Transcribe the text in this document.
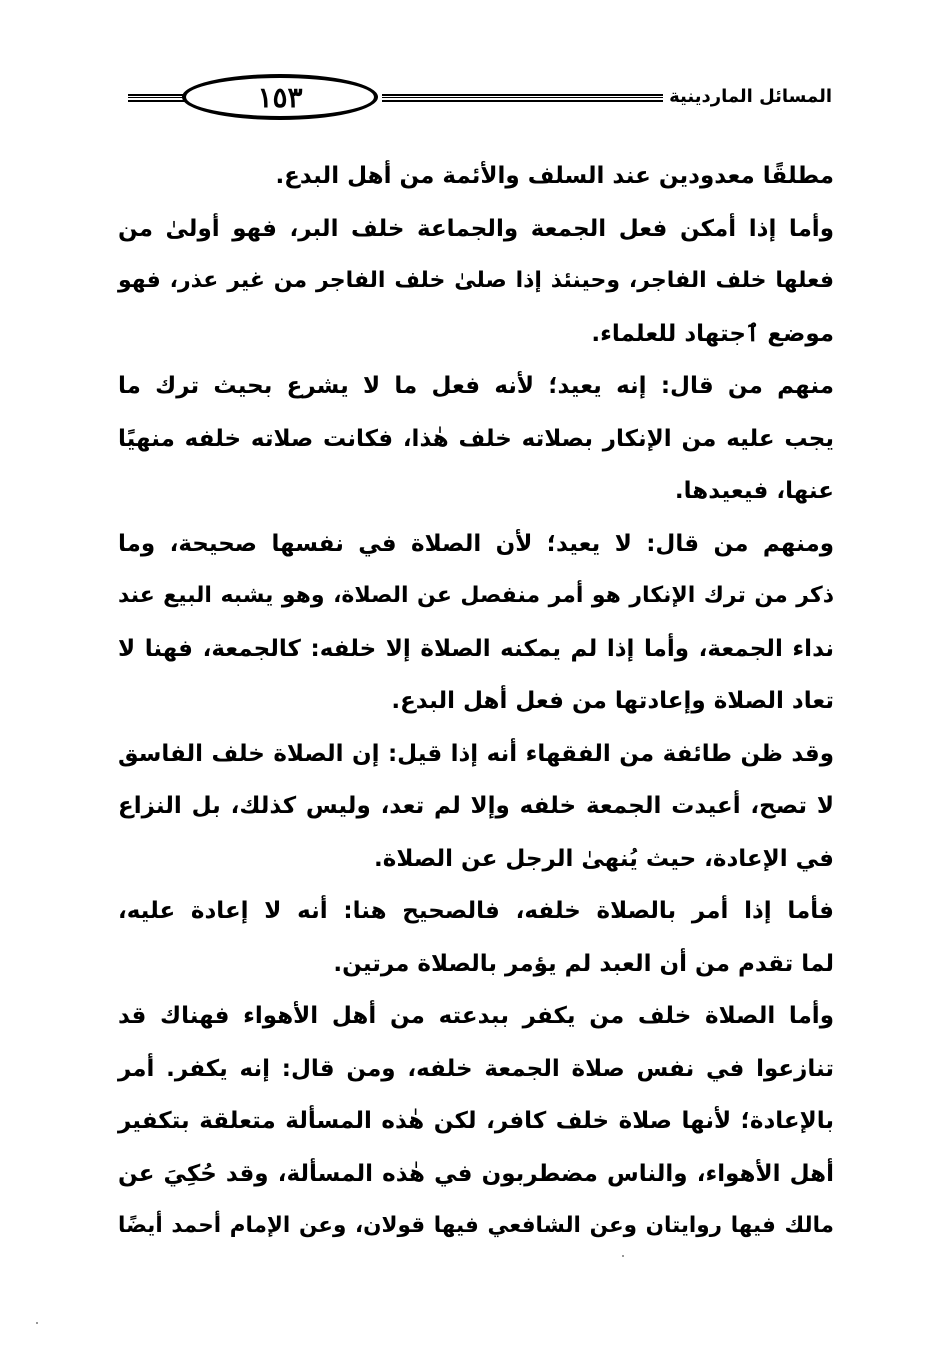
١٥٣	المسائل الماردينية
مطلقًا معدودين عند السلف والأئمة من أهل البدع.
وأما إذا أمكن فعل الجمعة والجماعة خلف البر، فهو أولىٰ من
فعلها خلف الفاجر، وحينئذ إذا صلىٰ خلف الفاجر من غير عذر، فهو
موضع ٱجتهاد للعلماء.
منهم من قال: إنه يعيد؛ لأنه فعل ما لا يشرع بحيث ترك ما
يجب عليه من الإنكار بصلاته خلف هٰذا، فكانت صلاته خلفه منهيًا
عنها، فيعيدها.
ومنهم من قال: لا يعيد؛ لأن الصلاة في نفسها صحيحة، وما
ذكر من ترك الإنكار هو أمر منفصل عن الصلاة، وهو يشبه البيع عند
نداء الجمعة، وأما إذا لم يمكنه الصلاة إلا خلفه: كالجمعة، فهنا لا
تعاد الصلاة وإعادتها من فعل أهل البدع.
وقد ظن طائفة من الفقهاء أنه إذا قيل: إن الصلاة خلف الفاسق
لا تصح، أعيدت الجمعة خلفه وإلا لم تعد، وليس كذلك، بل النزاع
في الإعادة، حيث يُنهىٰ الرجل عن الصلاة.
فأما إذا أمر بالصلاة خلفه، فالصحيح هنا: أنه لا إعادة عليه،
لما تقدم من أن العبد لم يؤمر بالصلاة مرتين.
وأما الصلاة خلف من يكفر ببدعته من أهل الأهواء فهناك قد
تنازعوا في نفس صلاة الجمعة خلفه، ومن قال: إنه يكفر. أمر
بالإعادة؛ لأنها صلاة خلف كافر، لكن هٰذه المسألة متعلقة بتكفير
أهل الأهواء، والناس مضطربون في هٰذه المسألة، وقد حُكِيَ عن
مالك فيها روايتان وعن الشافعي فيها قولان، وعن الإمام أحمد أيضًا
